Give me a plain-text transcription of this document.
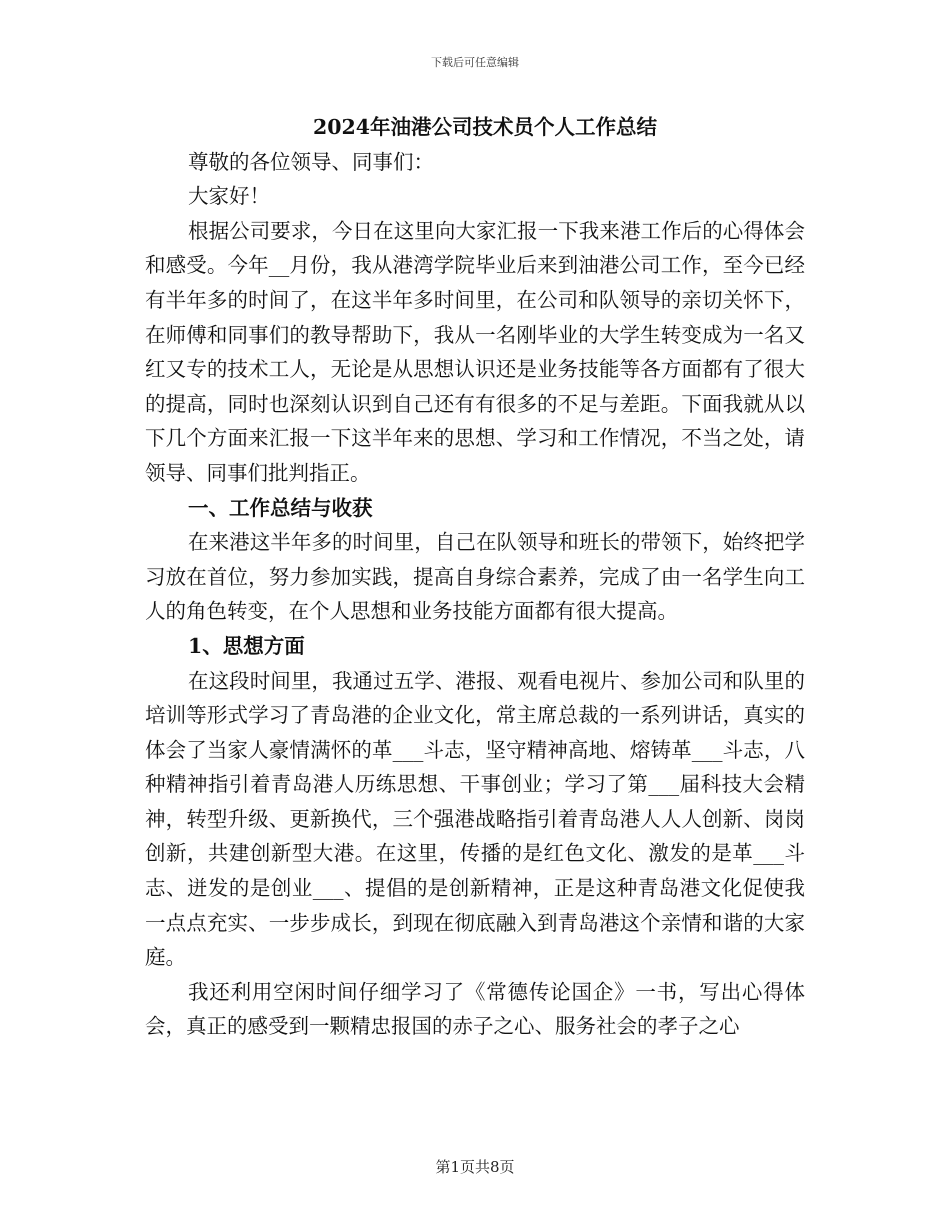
下载后可任意编辑

2024年油港公司技术员个人工作总结

尊敬的各位领导、同事们：

大家好！

根据公司要求，今日在这里向大家汇报一下我来港工作后的心得体会和感受。今年__月份，我从港湾学院毕业后来到油港公司工作，至今已经有半年多的时间了，在这半年多时间里，在公司和队领导的亲切关怀下，在师傅和同事们的教导帮助下，我从一名刚毕业的大学生转变成为一名又红又专的技术工人，无论是从思想认识还是业务技能等各方面都有了很大的提高，同时也深刻认识到自己还有有很多的不足与差距。下面我就从以下几个方面来汇报一下这半年来的思想、学习和工作情况，不当之处，请领导、同事们批判指正。

一、工作总结与收获

在来港这半年多的时间里，自己在队领导和班长的带领下，始终把学习放在首位，努力参加实践，提高自身综合素养，完成了由一名学生向工人的角色转变，在个人思想和业务技能方面都有很大提高。

1、思想方面

在这段时间里，我通过五学、港报、观看电视片、参加公司和队里的培训等形式学习了青岛港的企业文化，常主席总裁的一系列讲话，真实的体会了当家人豪情满怀的革___斗志，坚守精神高地、熔铸革___斗志，八种精神指引着青岛港人历练思想、干事创业；学习了第___届科技大会精神，转型升级、更新换代，三个强港战略指引着青岛港人人人创新、岗岗创新，共建创新型大港。在这里，传播的是红色文化、激发的是革___斗志、迸发的是创业___、提倡的是创新精神，正是这种青岛港文化促使我一点点充实、一步步成长，到现在彻底融入到青岛港这个亲情和谐的大家庭。

我还利用空闲时间仔细学习了《常德传论国企》一书，写出心得体会，真正的感受到一颗精忠报国的赤子之心、服务社会的孝子之心

第1页共8页
